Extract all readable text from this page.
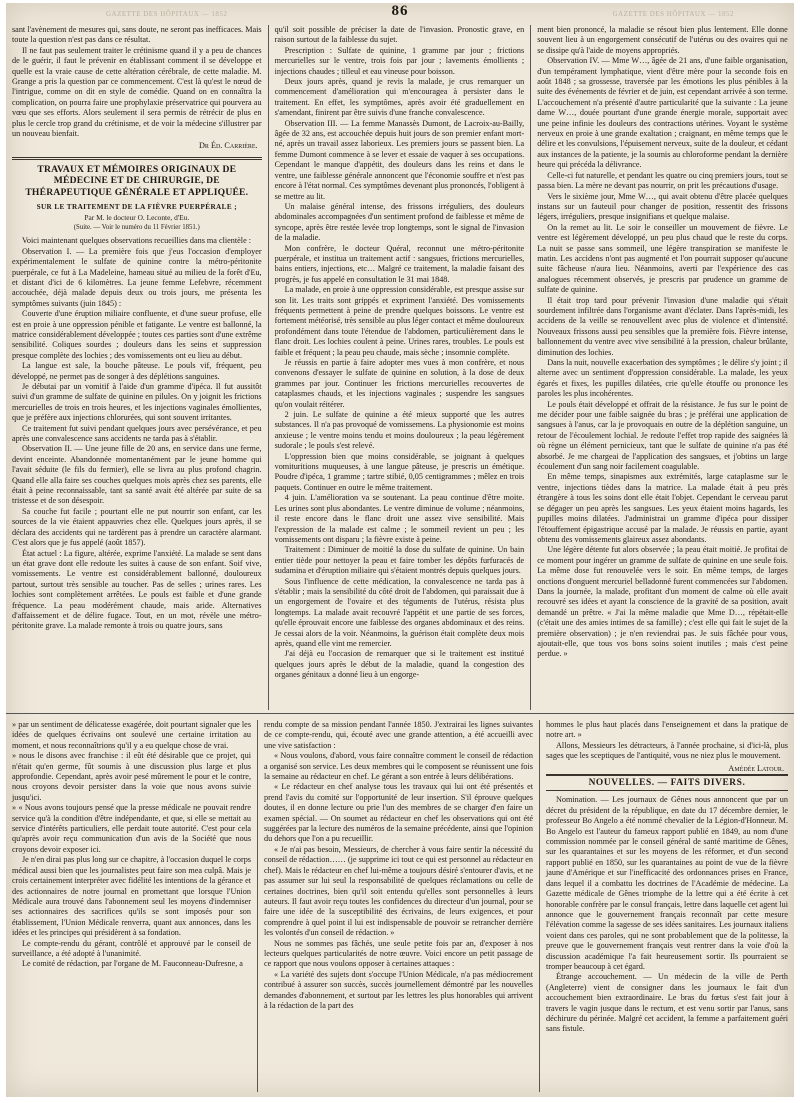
GAZETTE DES HÔPITAUX — 1852	86	GAZETTE DES HÔPITAUX — 1852

sant l'avènement de mesures qui, sans doute, ne seront pas inefficaces. Mais toute la question n'est pas dans ce résultat.

Il ne faut pas seulement traiter le crétinisme quand il y a peu de chances de le guérir, il faut le prévenir en établissant comment il se développe et quelle est la vraie cause de cette altération cérébrale, de cette maladie. M. Grange a pris la question par ce commencement. C'est là qu'est le nœud de l'intrigue, comme on dit en style de comédie. Quand on en connaîtra la complication, on pourra faire une prophylaxie préservatrice qui pourvera au vœu que ses efforts. Alors seulement il sera permis de rétrécir de plus en plus le cercle trop grand du crétinisme, et de voir la médecine s'illustrer par un nouveau bienfait.

Dr Éd. Carrière.
TRAVAUX ET MÉMOIRES ORIGINAUX DE MÉDECINE ET DE CHIRURGIE, DE THÉRAPEUTIQUE GÉNÉRALE ET APPLIQUÉE.
SUR LE TRAITEMENT DE LA FIÈVRE PUERPÉRALE ;
Par M. le docteur O. Leconte, d'Eu.
(Suite. — Voir le numéro du 11 Février 1851.)

Voici maintenant quelques observations recueillies dans ma clientèle :

Observation I. — La première fois que j'eus l'occasion d'employer expérimentalement le sulfate de quinine contre la métro-péritonite puerpérale, ce fut à La Madeleine, hameau situé au milieu de la forêt d'Eu, et distant d'ici de 6 kilomètres. La jeune femme Lefebvre, récemment accouchée, déjà malade depuis deux ou trois jours, me présenta les symptômes suivants (juin 1845) :

Couverte d'une éruption miliaire confluente, et d'une sueur profuse, elle est en proie à une oppression pénible et fatigante. Le ventre est ballonné, la matrice considérablement développée ; toutes ces parties sont d'une extrême sensibilité. Coliques sourdes ; douleurs dans les seins et suppression presque complète des lochies ; des vomissements ont eu lieu au début.

La langue est sale, la bouche pâteuse. Le pouls vif, fréquent, peu développé, ne permet pas de songer à des déplétions sanguines.

Je débutai par un vomitif à l'aide d'un gramme d'ipéca. Il fut aussitôt suivi d'un gramme de sulfate de quinine en pilules. On y joignit les frictions mercurielles de trois en trois heures, et les injections vaginales émollientes, que je préfère aux injections chlorurées, qui sont souvent irritantes.

Ce traitement fut suivi pendant quelques jours avec persévérance, et peu après une convalescence sans accidents ne tarda pas à s'établir.

Observation II. — Une jeune fille de 20 ans, en service dans une ferme, devint enceinte. Abandonnée momentanément par le jeune homme qui l'avait séduite (le fils du fermier), elle se livra au plus profond chagrin. Quand elle alla faire ses couches quelques mois après chez ses parents, elle était à peine reconnaissable, tant sa santé avait été altérée par suite de sa tristesse et de son désespoir.

Sa couche fut facile ; pourtant elle ne put nourrir son enfant, car les sources de la vie étaient appauvries chez elle. Quelques jours après, il se déclara des accidents qui ne tardèrent pas à prendre un caractère alarmant. C'est alors que je fus appelé (août 1857).

État actuel : La figure, altérée, exprime l'anxiété. La malade se sent dans un état grave dont elle redoute les suites à cause de son enfant. Soif vive, vomissements. Le ventre est considérablement ballonné, douloureux partout, surtout très sensible au toucher. Pas de selles ; urines rares. Les lochies sont complètement arrêtées. Le pouls est faible et d'une grande fréquence. La peau modérément chaude, mais aride. Alternatives d'affaissement et de délire fugace. Tout, en un mot, révèle une métro-péritonite grave. La malade remonte à trois ou quatre jours, sans

qu'il soit possible de préciser la date de l'invasion. Pronostic grave, en raison surtout de la faiblesse du sujet.

Prescription : Sulfate de quinine, 1 gramme par jour ; frictions mercurielles sur le ventre, trois fois par jour ; lavements émollients ; injections chaudes ; tilleul et eau vineuse pour boisson.

Deux jours après, quand je revis la malade, je crus remarquer un commencement d'amélioration qui m'encouragea à persister dans le traitement. En effet, les symptômes, après avoir été graduellement en s'amendant, finirent par être suivis d'une franche convalescence.

Observation III. — La femme Manassès Dumont, de Lacroix-au-Bailly, âgée de 32 ans, est accouchée depuis huit jours de son premier enfant mort-né, après un travail assez laborieux. Les premiers jours se passent bien. La femme Dumont commence à se lever et essaie de vaquer à ses occupations. Cependant le manque d'appétit, des douleurs dans les reins et dans le ventre, une faiblesse générale annoncent que l'économie souffre et n'est pas encore à l'état normal. Ces symptômes devenant plus prononcés, l'obligent à se mettre au lit.

Un malaise général intense, des frissons irréguliers, des douleurs abdominales accompagnées d'un sentiment profond de faiblesse et même de syncope, après être restée levée trop longtemps, sont le signal de l'invasion de la maladie.

Mon confrère, le docteur Quéral, reconnut une métro-péritonite puerpérale, et institua un traitement actif : sangsues, frictions mercurielles, bains entiers, injections, etc… Malgré ce traitement, la maladie faisant des progrès, je fus appelé en consultation le 31 mai 1848.

La malade, en proie à une oppression considérable, est presque assise sur son lit. Les traits sont grippés et expriment l'anxiété. Des vomissements fréquents permettent à peine de prendre quelques boissons. Le ventre est fortement météorisé, très sensible au plus léger contact et même douloureux profondément dans toute l'étendue de l'abdomen, particulièrement dans le flanc droit. Les lochies coulent à peine. Urines rares, troubles. Le pouls est faible et fréquent ; la peau peu chaude, mais sèche ; insomnie complète.

Je réussis en partie à faire adopter mes vues à mon confrère, et nous convenons d'essayer le sulfate de quinine en solution, à la dose de deux grammes par jour. Continuer les frictions mercurielles recouvertes de cataplasmes chauds, et les injections vaginales ; suspendre les sangsues qu'on voulait réitérer.

2 juin. Le sulfate de quinine a été mieux supporté que les autres substances. Il n'a pas provoqué de vomissemens. La physionomie est moins anxieuse ; le ventre moins tendu et moins douloureux ; la peau légèrement sudorale ; le pouls s'est relevé.

L'oppression bien que moins considérable, se joignant à quelques vomituritions muqueuses, à une langue pâteuse, je prescris un émétique. Poudre d'ipéca, 1 gramme ; tartre stibié, 0,05 centigrammes ; mêlez en trois paquets. Continuer en outre le même traitement.

4 juin. L'amélioration va se soutenant. La peau continue d'être moite. Les urines sont plus abondantes. Le ventre diminue de volume ; néanmoins, il reste encore dans le flanc droit une assez vive sensibilité. Mais l'expression de la malade est calme ; le sommeil revient un peu ; les vomissements ont disparu ; la fièvre existe à peine.

Traitement : Diminuer de moitié la dose du sulfate de quinine. Un bain entier tiède pour nettoyer la peau et faire tomber les dépôts furfuracés de sudamina et d'éruption miliaire qui s'étaient montrés depuis quelques jours.

Sous l'influence de cette médication, la convalescence ne tarda pas à s'établir ; mais la sensibilité du côté droit de l'abdomen, qui paraissait due à un engorgement de l'ovaire et des téguments de l'utérus, résista plus longtemps. La malade avait recouvré l'appétit et une partie de ses forces, qu'elle éprouvait encore une faiblesse des organes abdominaux et des reins. Je cessai alors de la voir. Néanmoins, la guérison était complète deux mois après, quand elle vint me remercier.

J'ai déjà eu l'occasion de remarquer que si le traitement est institué quelques jours après le début de la maladie, quand la congestion des organes génitaux a donné lieu à un engorge-

ment bien prononcé, la maladie se résout bien plus lentement. Elle donne souvent lieu à un engorgement consécutif de l'utérus ou des ovaires qui ne se dissipe qu'à l'aide de moyens appropriés.

Observation IV. — Mme W…, âgée de 21 ans, d'une faible organisation, d'un tempérament lymphatique, vient d'être mère pour la seconde fois en août 1848 ; sa grossesse, traversée par les émotions les plus pénibles à la suite des événements de février et de juin, est cependant arrivée à son terme. L'accouchement n'a présenté d'autre particularité que la suivante : La jeune dame W…, douée pourtant d'une grande énergie morale, supportait avec une peine infinie les douleurs des contractions utérines. Voyant le système nerveux en proie à une grande exaltation ; craignant, en même temps que le délire et les convulsions, l'épuisement nerveux, suite de la douleur, et cédant aux instances de la patiente, je la soumis au chloroforme pendant la dernière heure qui précéda la délivrance.

Celle-ci fut naturelle, et pendant les quatre ou cinq premiers jours, tout se passa bien. La mère ne devant pas nourrir, on prit les précautions d'usage.

Vers le sixième jour, Mme W…, qui avait obtenu d'être placée quelques instans sur un fauteuil pour changer de position, ressentit des frissons légers, irréguliers, presque insignifians et quelque malaise.

On la remet au lit. Le soir le conseiller un mouvement de fièvre. Le ventre est légèrement développé, un peu plus chaud que le reste du corps. La nuit se passe sans sommeil, une légère transpiration se manifeste le matin. Les accidens n'ont pas augmenté et l'on pourrait supposer qu'aucune suite fâcheuse n'aura lieu. Néanmoins, averti par l'expérience des cas analogues récemment observés, je prescris par prudence un gramme de sulfate de quinine.

Il était trop tard pour prévenir l'invasion d'une maladie qui s'était sourdement infiltrée dans l'organisme avant d'éclater. Dans l'après-midi, les accidens de la veille se renouvellent avec plus de violence et d'intensité. Nouveaux frissons aussi peu sensibles que la première fois. Fièvre intense, ballonnement du ventre avec vive sensibilité à la pression, chaleur brûlante, diminution des lochies.

Dans la nuit, nouvelle exacerbation des symptômes ; le délire s'y joint ; il alterne avec un sentiment d'oppression considérable. La malade, les yeux égarés et fixes, les pupilles dilatées, crie qu'elle étouffe ou prononce les paroles les plus incohérentes.

Le pouls était développé et offrait de la résistance. Je fus sur le point de me décider pour une faible saignée du bras ; je préférai une application de sangsues à l'anus, car la je provoquais en outre de la déplétion sanguine, un retour de l'écoulement lochial. Je redoute l'effet trop rapide des saignées là où règne un élément pernicieux, tant que le sulfate de quinine n'a pas été absorbé. Je me chargeai de l'application des sangsues, et j'obtins un large écoulement d'un sang noir facilement coagulable.

En même temps, sinapismes aux extrémités, large cataplasme sur le ventre, injections tièdes dans la matrice. La malade était à peu près étrangère à tous les soins dont elle était l'objet. Cependant le cerveau parut se dégager un peu après les sangsues. Les yeux étaient moins hagards, les pupilles moins dilatées. J'administrai un gramme d'ipéca pour dissiper l'étouffement épigastrique accusé par la malade. Je réussis en partie, ayant obtenu des vomissements glaireux assez abondants.

Une légère détente fut alors observée ; la peau était moitié. Je profitai de ce moment pour ingérer un gramme de sulfate de quinine en une seule fois. La même dose fut renouvelée vers le soir. En même temps, de larges onctions d'onguent mercuriel belladonné furent commencées sur l'abdomen. Dans la journée, la malade, profitant d'un moment de calme où elle avait recouvré ses idées et ayant la conscience de la gravité de sa position, avait demandé un prêtre. « J'ai la même maladie que Mme D…, répétait-elle (c'était une des amies intimes de sa famille) ; c'est elle qui fait le sujet de la première observation) ; je n'en reviendrai pas. Je suis fâchée pour vous, ajoutait-elle, que tous vos bons soins soient inutiles ; mais c'est peine perdue. »

» par un sentiment de délicatesse exagérée, doit pourtant signaler que les idées de quelques écrivains ont soulevé une certaine irritation au moment, et nous reconnaîtrions qu'il y a eu quelque chose de vrai.

» nous le disons avec franchise : il eût été désirable que ce projet, qui n'était qu'en germe, fût soumis à une discussion plus large et plus approfondie. Cependant, après avoir pesé mûrement le pour et le contre, nous croyons devoir persister dans la voie que nous avons suivie jusqu'ici.

» « Nous avons toujours pensé que la presse médicale ne pouvait rendre service qu'à la condition d'être indépendante, et que, si elle se mettait au service d'intérêts particuliers, elle perdait toute autorité. C'est pour cela qu'après avoir reçu communication d'un avis de la Société que nous croyons devoir exposer ici.

Je n'en dirai pas plus long sur ce chapitre, à l'occasion duquel le corps médical aussi bien que les journalistes peut faire son mea culpâ. Mais je crois certainement interpréter avec fidélité les intentions de la gérance et des actionnaires de notre journal en promettant que lorsque l'Union Médicale aura trouvé dans l'abonnement seul les moyens d'indemniser ses actionnaires des sacrifices qu'ils se sont imposés pour son établissement, l'Union Médicale renverra, quant aux annonces, dans les idées et les principes qui présidèrent à sa fondation.

Le compte-rendu du gérant, contrôlé et approuvé par le conseil de surveillance, a été adopté à l'unanimité.

Le comité de rédaction, par l'organe de M. Fauconneau-Dufresne, a

rendu compte de sa mission pendant l'année 1850. J'extrairai les lignes suivantes de ce compte-rendu, qui, écouté avec une grande attention, a été accueilli avec une vive satisfaction :

« Nous voulons, d'abord, vous faire connaître comment le conseil de rédaction a organisé son service. Les deux membres qui le composent se réunissent une fois la semaine au rédacteur en chef. Le gérant a son entrée à leurs délibérations.

« Le rédacteur en chef analyse tous les travaux qui lui ont été présentés et prend l'avis du comité sur l'opportunité de leur insertion. S'il éprouve quelques doutes, il en donne lecture ou prie l'un des membres de se charger d'en faire un examen spécial. — On soumet au rédacteur en chef les observations qui ont été suggérées par la lecture des numéros de la semaine précédente, ainsi que l'opinion du dehors que l'on a pu recueillir.

« Je n'ai pas besoin, Messieurs, de chercher à vous faire sentir la nécessité du conseil de rédaction…… (je supprime ici tout ce qui est personnel au rédacteur en chef). Mais le rédacteur en chef lui-même a toujours désiré s'entourer d'avis, et ne pas assumer sur lui seul la responsabilité de quelques réclamations ou celle de certaines doctrines, bien qu'il soit entendu qu'elles sont personnelles à leurs auteurs. Il faut avoir reçu toutes les confidences du directeur d'un journal, pour se faire une idée de la susceptibilité des écrivains, de leurs exigences, et pour comprendre à quel point il lui est indispensable de pouvoir se retrancher derrière les volontés d'un conseil de rédaction. »

Nous ne sommes pas fâchés, une seule petite fois par an, d'exposer à nos lecteurs quelques particularités de notre œuvre. Voici encore un petit passage de ce rapport que nous voulons opposer à certaines attaques :

« La variété des sujets dont s'occupe l'Union Médicale, n'a pas médiocrement contribué à assurer son succès, succès journellement démontré par les nouvelles demandes d'abonnement, et surtout par les lettres les plus honorables qui arrivent à la rédaction de la part des

hommes le plus haut placés dans l'enseignement et dans la pratique de notre art. »

Allons, Messieurs les détracteurs, à l'année prochaine, si d'ici-là, plus sages que les sceptiques de l'antiquité, vous ne niez plus le mouvement.

Amédée Latour.
NOUVELLES. — FAITS DIVERS.

Nomination. — Les journaux de Gênes nous annoncent que par un décret du président de la république, en date du 17 décembre dernier, le professeur Bo Angelo a été nommé chevalier de la Légion-d'Honneur. M. Bo Angelo est l'auteur du fameux rapport publié en 1849, au nom d'une commission nommée par le conseil général de santé maritime de Gênes, sur les quarantaines et sur les moyens de les réformer, et d'un second rapport publié en 1850, sur les quarantaines au point de vue de la fièvre jaune d'Amérique et sur l'inefficacité des ordonnances prises en France, dans lequel il a combattu les doctrines de l'Académie de médecine. La Gazette médicale de Gênes triomphe de la lettre qui a été écrite à cet honorable confrère par le consul français, lettre dans laquelle cet agent lui annonce que le gouvernement français reconnaît par cette mesure l'élévation comme la sagesse de ses idées sanitaires. Les journaux italiens voient dans ces paroles, qui ne sont probablement que de la politesse, la preuve que le gouvernement français veut rentrer dans la voie d'où la discussion académique l'a fait heureusement sortir. Ils pourraient se tromper beaucoup à cet égard.

Étrange accouchement. — Un médecin de la ville de Perth (Angleterre) vient de consigner dans les journaux le fait d'un accouchement bien extraordinaire. Le bras du fœtus s'est fait jour à travers le vagin jusque dans le rectum, et est venu sortir par l'anus, sans déchirure du périnée. Malgré cet accident, la femme a parfaitement guéri sans fistule.
